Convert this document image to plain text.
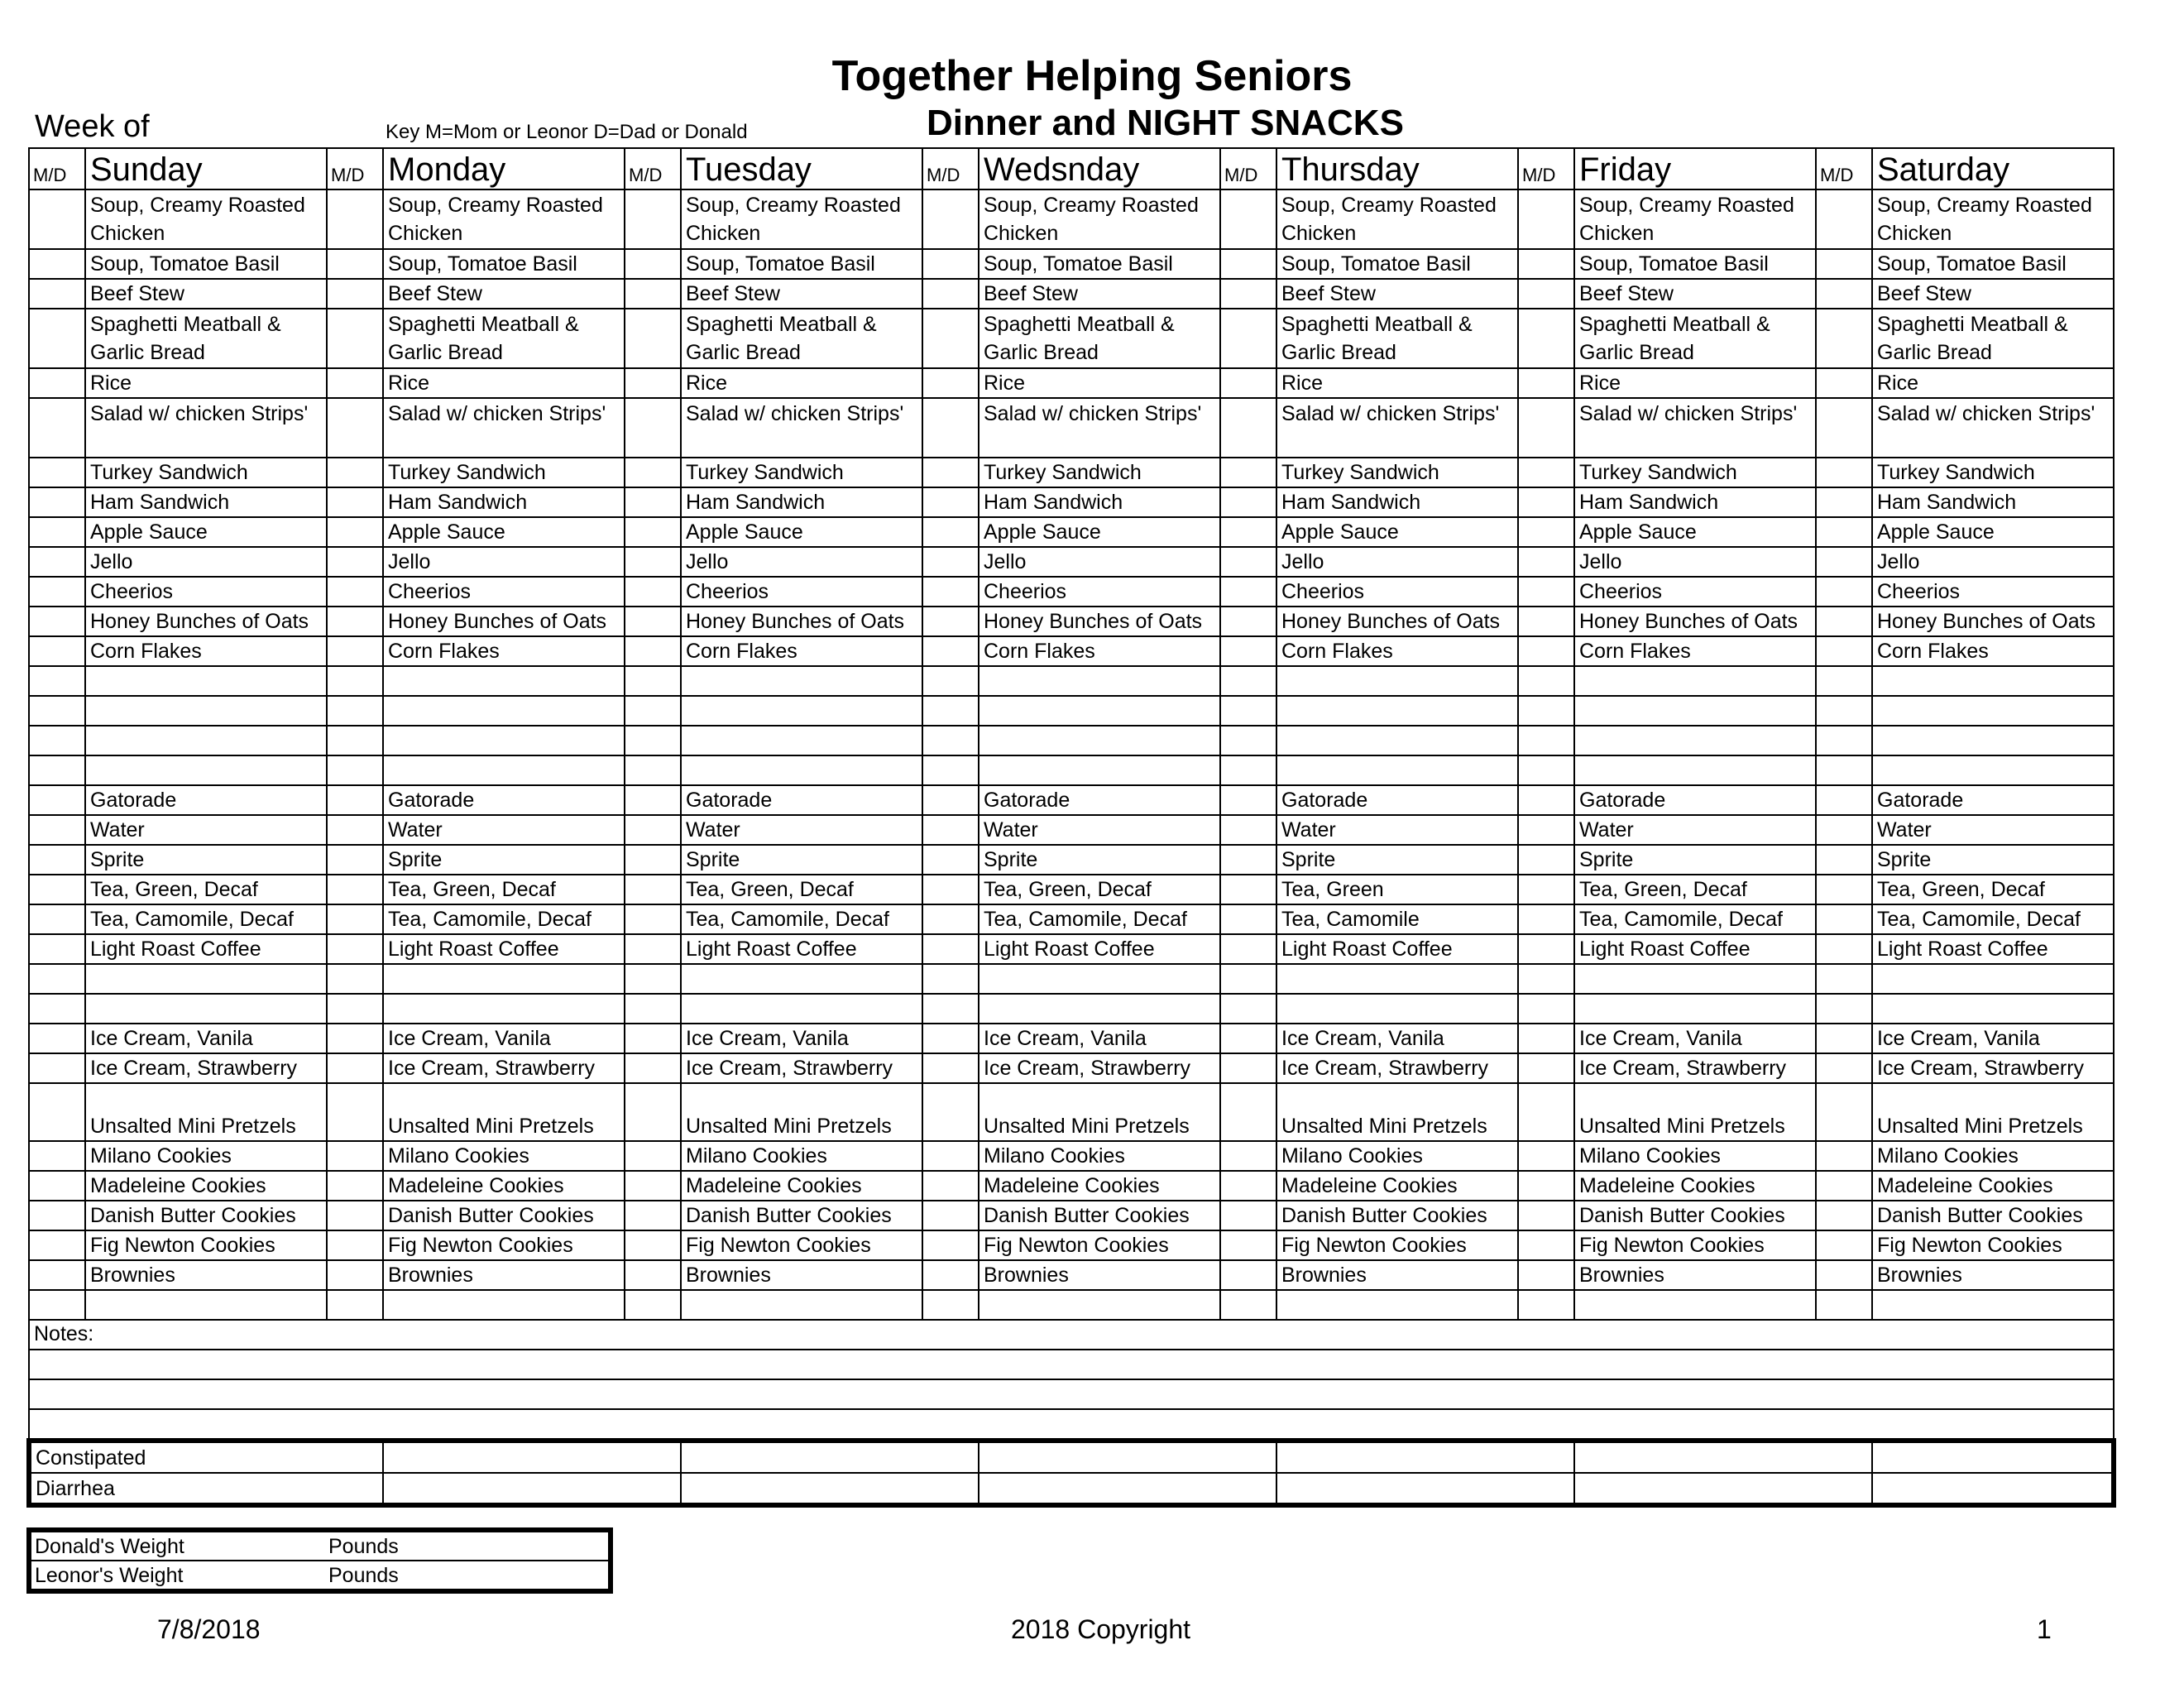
Together Helping Seniors
Week of	Key M=Mom or Leonor D=Dad or Donald	Dinner and NIGHT SNACKS
M/D	Sunday	M/D	Monday	M/D	Tuesday	M/D	Wedsnday	M/D	Thursday	M/D	Friday	M/D	Saturday
	Soup, Creamy Roasted Chicken		Soup, Creamy Roasted Chicken		Soup, Creamy Roasted Chicken		Soup, Creamy Roasted Chicken		Soup, Creamy Roasted Chicken		Soup, Creamy Roasted Chicken		Soup, Creamy Roasted Chicken
	Soup, Tomatoe Basil		Soup, Tomatoe Basil		Soup, Tomatoe Basil		Soup, Tomatoe Basil		Soup, Tomatoe Basil		Soup, Tomatoe Basil		Soup, Tomatoe Basil
	Beef Stew		Beef Stew		Beef Stew		Beef Stew		Beef Stew		Beef Stew		Beef Stew
	Spaghetti Meatball & Garlic Bread		Spaghetti Meatball & Garlic Bread		Spaghetti Meatball & Garlic Bread		Spaghetti Meatball & Garlic Bread		Spaghetti Meatball & Garlic Bread		Spaghetti Meatball & Garlic Bread		Spaghetti Meatball & Garlic Bread
	Rice		Rice		Rice		Rice		Rice		Rice		Rice
	Salad w/ chicken Strips'		Salad w/ chicken Strips'		Salad w/ chicken Strips'		Salad w/ chicken Strips'		Salad w/ chicken Strips'		Salad w/ chicken Strips'		Salad w/ chicken Strips'
	Turkey Sandwich		Turkey Sandwich		Turkey Sandwich		Turkey Sandwich		Turkey Sandwich		Turkey Sandwich		Turkey Sandwich
	Ham Sandwich		Ham Sandwich		Ham Sandwich		Ham Sandwich		Ham Sandwich		Ham Sandwich		Ham Sandwich
	Apple Sauce		Apple Sauce		Apple Sauce		Apple Sauce		Apple Sauce		Apple Sauce		Apple Sauce
	Jello		Jello		Jello		Jello		Jello		Jello		Jello
	Cheerios		Cheerios		Cheerios		Cheerios		Cheerios		Cheerios		Cheerios
	Honey Bunches of Oats		Honey Bunches of Oats		Honey Bunches of Oats		Honey Bunches of Oats		Honey Bunches of Oats		Honey Bunches of Oats		Honey Bunches of Oats
	Corn Flakes		Corn Flakes		Corn Flakes		Corn Flakes		Corn Flakes		Corn Flakes		Corn Flakes

	Gatorade		Gatorade		Gatorade		Gatorade		Gatorade		Gatorade		Gatorade
	Water		Water		Water		Water		Water		Water		Water
	Sprite		Sprite		Sprite		Sprite		Sprite		Sprite		Sprite
	Tea, Green, Decaf		Tea, Green, Decaf		Tea, Green, Decaf		Tea, Green, Decaf		Tea, Green		Tea, Green, Decaf		Tea, Green, Decaf
	Tea, Camomile, Decaf		Tea, Camomile, Decaf		Tea, Camomile, Decaf		Tea, Camomile, Decaf		Tea, Camomile		Tea, Camomile, Decaf		Tea, Camomile, Decaf
	Light Roast Coffee		Light Roast Coffee		Light Roast Coffee		Light Roast Coffee		Light Roast Coffee		Light Roast Coffee		Light Roast Coffee

	Ice Cream, Vanila		Ice Cream, Vanila		Ice Cream, Vanila		Ice Cream, Vanila		Ice Cream, Vanila		Ice Cream, Vanila		Ice Cream, Vanila
	Ice Cream, Strawberry		Ice Cream, Strawberry		Ice Cream, Strawberry		Ice Cream, Strawberry		Ice Cream, Strawberry		Ice Cream, Strawberry		Ice Cream, Strawberry
	Unsalted Mini Pretzels		Unsalted Mini Pretzels		Unsalted Mini Pretzels		Unsalted Mini Pretzels		Unsalted Mini Pretzels		Unsalted Mini Pretzels		Unsalted Mini Pretzels
	Milano Cookies		Milano Cookies		Milano Cookies		Milano Cookies		Milano Cookies		Milano Cookies		Milano Cookies
	Madeleine Cookies		Madeleine Cookies		Madeleine Cookies		Madeleine Cookies		Madeleine Cookies		Madeleine Cookies		Madeleine Cookies
	Danish Butter Cookies		Danish Butter Cookies		Danish Butter Cookies		Danish Butter Cookies		Danish Butter Cookies		Danish Butter Cookies		Danish Butter Cookies
	Fig Newton Cookies		Fig Newton Cookies		Fig Newton Cookies		Fig Newton Cookies		Fig Newton Cookies		Fig Newton Cookies		Fig Newton Cookies
	Brownies		Brownies		Brownies		Brownies		Brownies		Brownies		Brownies

Notes:													

Constipated													
Diarrhea													
Donald's Weight	Pounds
Leonor's Weight	Pounds
7/8/2018	2018 Copyright	1
